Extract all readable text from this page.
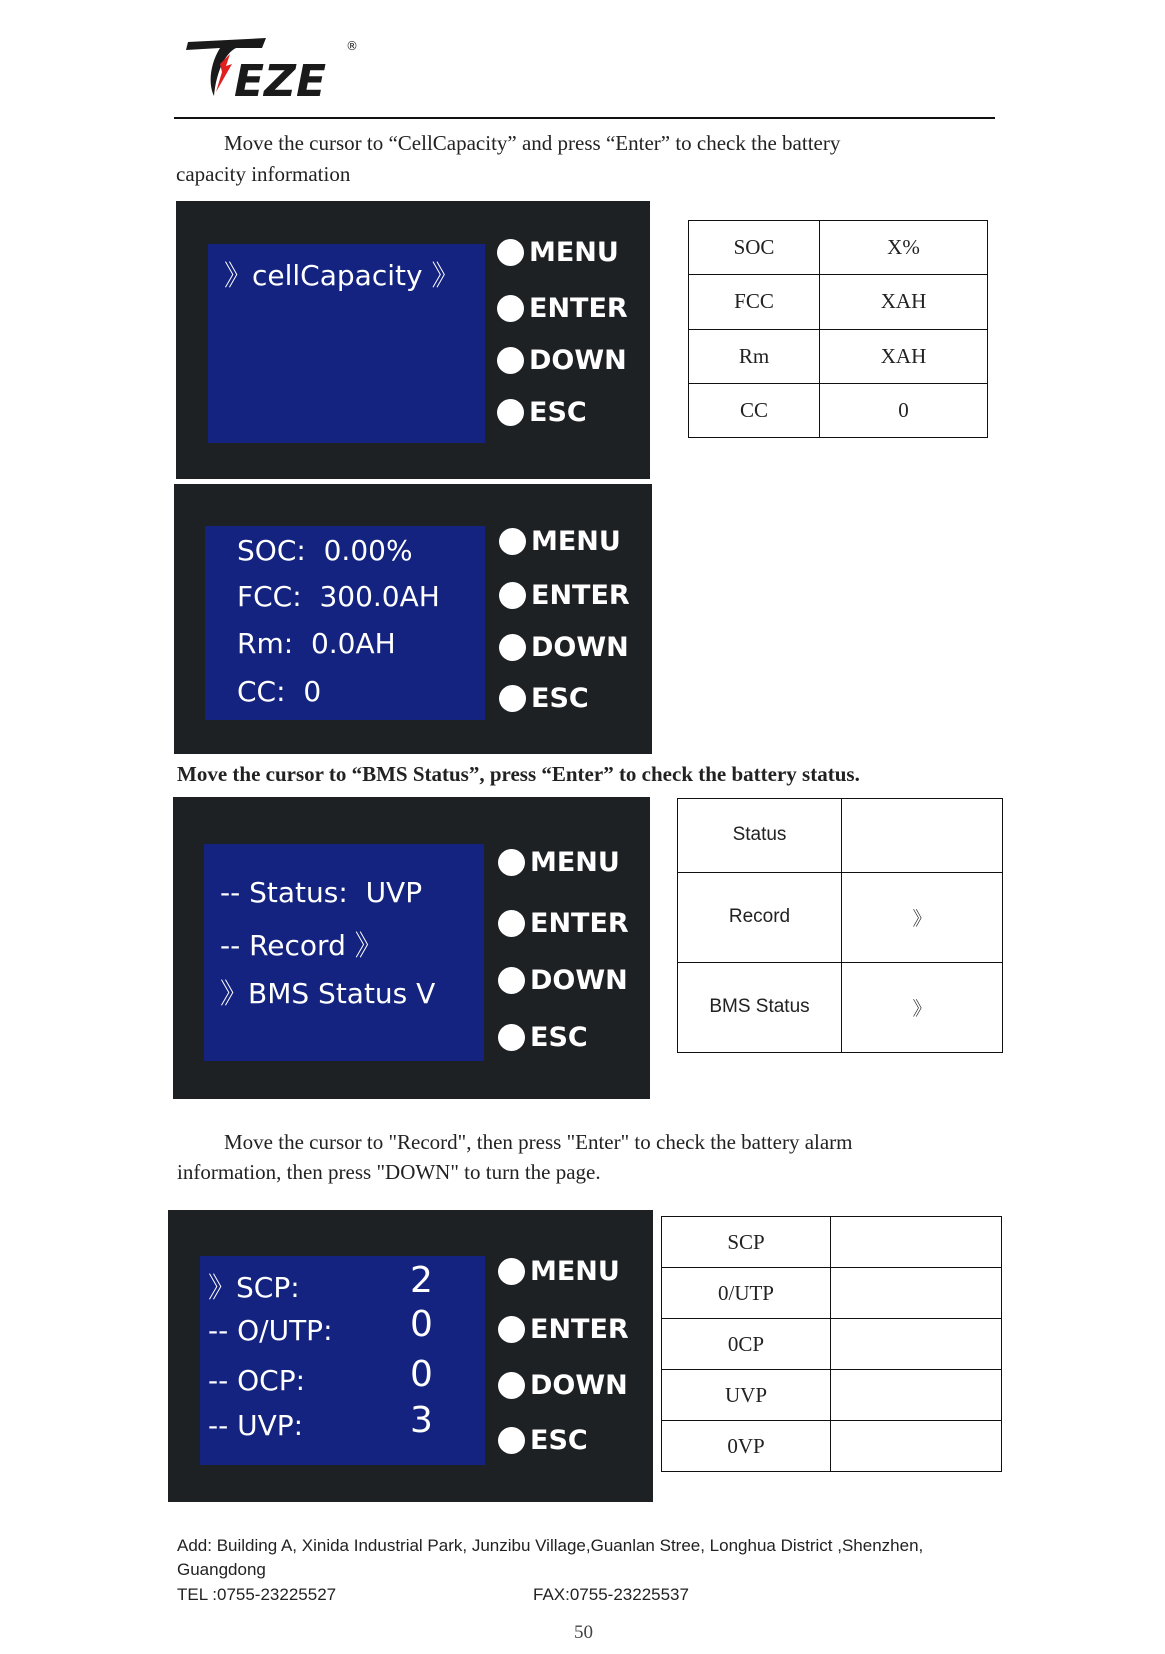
EZE
®
Move the cursor to “CellCapacity” and press “Enter” to check the battery
capacity information
》cellCapacity 》
MENU
ENTER
DOWN
ESC
SOC	X%
FCC	XAH
Rm	XAH
CC	0
SOC:  0.00%
FCC:  300.0AH
Rm:  0.0AH
CC:  0
MENU
ENTER
DOWN
ESC
Move the cursor to “BMS Status”, press “Enter” to check the battery status.
-- Status:  UVP
-- Record 》
》BMS Status V
MENU
ENTER
DOWN
ESC
Status	
Record	》
BMS Status	》
Move the cursor to "Record", then press "Enter" to check the battery alarm
information, then press "DOWN" to turn the page.
》SCP:	2
-- O/UTP: 0
-- OCP:	0
-- UVP:	3
MENU
ENTER
DOWN
ESC
SCP	
0/UTP	
0CP	
UVP	
0VP	
Add: Building A, Xinida Industrial Park, Junzibu Village,Guanlan Stree, Longhua District ,Shenzhen,
Guangdong
TEL :0755-23225527	FAX:0755-23225537
50
